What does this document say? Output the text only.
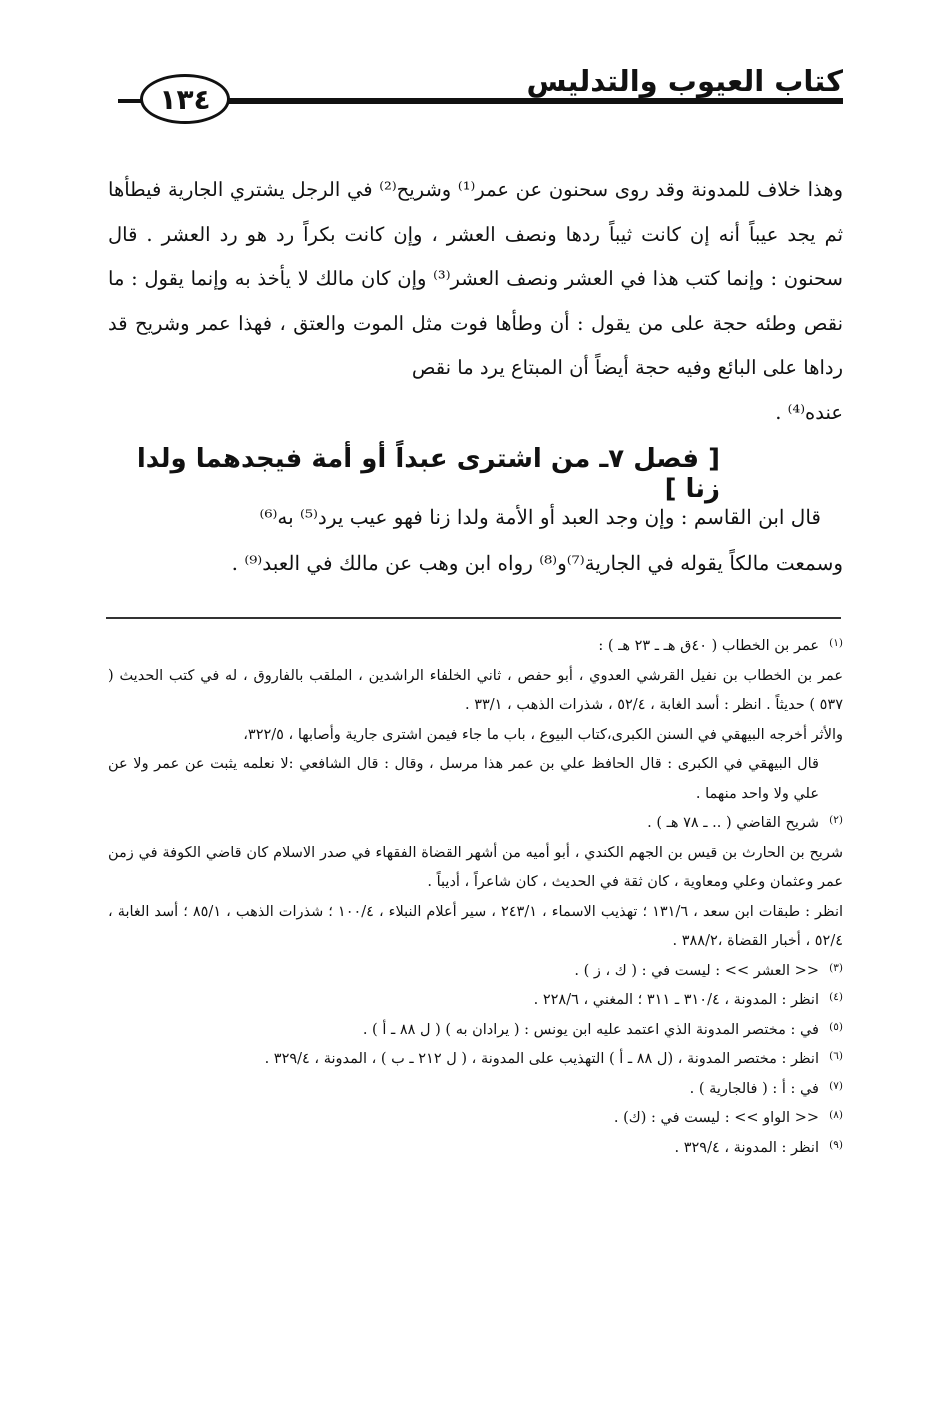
١٣٤
كتاب العيوب والتدليس

وهذا خلاف للمدونة وقد روى سحنون عن عمر⁽¹⁾ وشريح⁽²⁾ في الرجل يشتري الجارية فيطأها ثم يجد عيباً أنه إن كانت ثيباً ردها ونصف العشر ، وإن كانت بكراً رد هو رد العشر . قال سحنون : وإنما كتب هذا في العشر ونصف العشر⁽³⁾ وإن كان مالك لا يأخذ به وإنما يقول : ما نقص وطئه حجة على من يقول : أن وطأها فوت مثل الموت والعتق ، فهذا عمر وشريح قد رداها على البائع وفيه حجة أيضاً أن المبتاع يرد ما نقص

عنده⁽⁴⁾ .

[ فصل ٧ـ من اشترى عبداً أو أمة فيجدهما ولدا زنا ]

قال ابن القاسم : وإن وجد العبد أو الأمة ولدا زنا فهو عيب يرد⁽⁵⁾ به⁽⁶⁾

وسمعت مالكاً يقوله في الجارية⁽⁷⁾و⁽⁸⁾ رواه ابن وهب عن مالك في العبد⁽⁹⁾ .

(١)
عمر بن الخطاب ( ٤٠ق هـ ـ ٢٣ هـ ) :
عمر بن الخطاب بن نفيل القرشي العدوي ، أبو حفص ، ثاني الخلفاء الراشدين ، الملقب بالفاروق ، له في كتب الحديث ( ٥٣٧ ) حديثاً . انظر : أسد الغابة ، ٥٢/٤ ، شذرات الذهب ، ٣٣/١ .
والأثر أخرجه البيهقي في السنن الكبرى،كتاب البيوع ، باب ما جاء فيمن اشترى جارية وأصابها ، ٣٢٢/٥،
قال البيهقي في الكبرى : قال الحافظ علي بن عمر هذا مرسل ، وقال : قال الشافعي :لا نعلمه يثبت عن عمر ولا عن علي ولا واحد منهما .
(٢)
شريح القاضي ( .. ـ ٧٨ هـ ) .
شريح بن الحارث بن قيس بن الجهم الكندي ، أبو أميه من أشهر القضاة الفقهاء في صدر الاسلام كان قاضي الكوفة في زمن عمر وعثمان وعلي ومعاوية ، كان ثقة في الحديث ، كان شاعراً ، أديباً .
انظر : طبقات ابن سعد ، ١٣١/٦ ؛ تهذيب الاسماء ، ٢٤٣/١ ، سير أعلام النبلاء ، ١٠٠/٤ ؛ شذرات الذهب ، ٨٥/١ ؛ أسد الغابة ، ٥٢/٤ ، أخبار القضاة ،٣٨٨/٢ .
(٣)
<< العشر >> : ليست في : ( ك ، ز ) .
(٤)
انظر : المدونة ، ٣١٠/٤ ـ ٣١١ ؛ المغني ، ٢٢٨/٦ .
(٥)
في : مختصر المدونة الذي اعتمد عليه ابن يونس : ( يرادان به ) ( ل ٨٨ ـ أ ) .
(٦)
انظر : مختصر المدونة ، (ل ٨٨ ـ أ ) التهذيب على المدونة ، ( ل ٢١٢ ـ ب ) ، المدونة ، ٣٢٩/٤ .
(٧)
في : أ : ( فالجارية ) .
(٨)
<< الواو >> : ليست في : (ك) .
(٩)
انظر : المدونة ، ٣٢٩/٤ .
